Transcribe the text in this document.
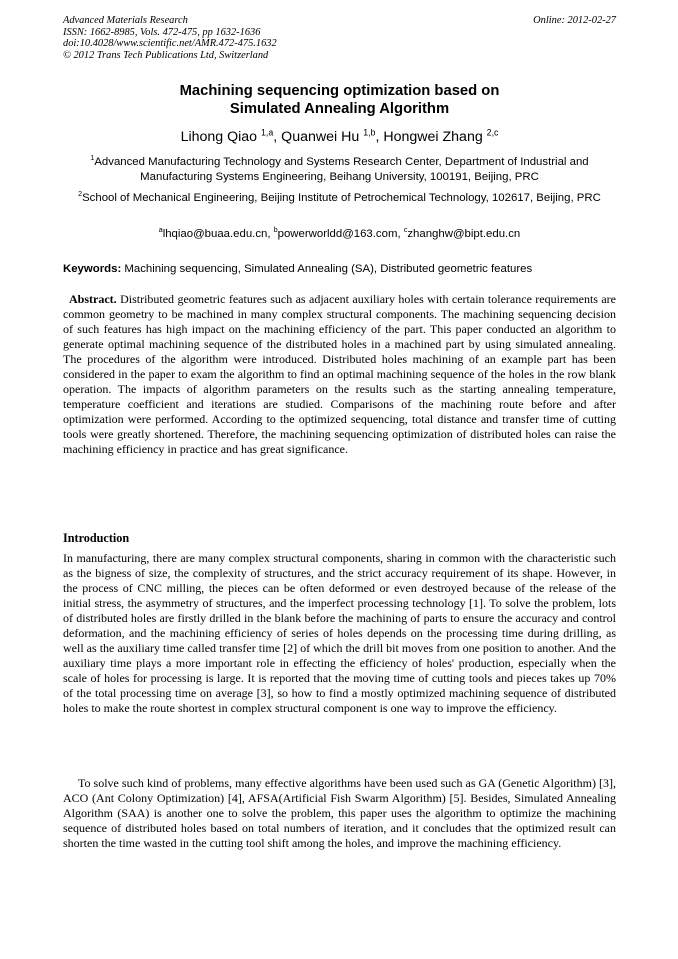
Advanced Materials Research
ISSN: 1662-8985, Vols. 472-475, pp 1632-1636
doi:10.4028/www.scientific.net/AMR.472-475.1632
© 2012 Trans Tech Publications Ltd, Switzerland
Online: 2012-02-27
Machining sequencing optimization based on
Simulated Annealing Algorithm
Lihong Qiao $^{1,a}$, Quanwei Hu $^{1,b}$, Hongwei Zhang $^{2,c}$
$^1$Advanced Manufacturing Technology and Systems Research Center, Department of Industrial and Manufacturing Systems Engineering, Beihang University, 100191, Beijing, PRC
$^2$School of Mechanical Engineering, Beijing Institute of Petrochemical Technology, 102617, Beijing, PRC
$^a$lhqiao@buaa.edu.cn, $^b$powerworldd@163.com, $^c$zhanghw@bipt.edu.cn
Keywords: Machining sequencing, Simulated Annealing (SA), Distributed geometric features
Abstract. Distributed geometric features such as adjacent auxiliary holes with certain tolerance requirements are common geometry to be machined in many complex structural components. The machining sequencing decision of such features has high impact on the machining efficiency of the part. This paper conducted an algorithm to generate optimal machining sequence of the distributed holes in a machined part by using simulated annealing. The procedures of the algorithm were introduced. Distributed holes machining of an example part has been considered in the paper to exam the algorithm to find an optimal machining sequence of the holes in the row blank operation. The impacts of algorithm parameters on the results such as the starting annealing temperature, temperature coefficient and iterations are studied. Comparisons of the machining route before and after optimization were performed. According to the optimized sequencing, total distance and transfer time of cutting tools were greatly shortened. Therefore, the machining sequencing optimization of distributed holes can raise the machining efficiency in practice and has great significance.
Introduction
In manufacturing, there are many complex structural components, sharing in common with the characteristic such as the bigness of size, the complexity of structures, and the strict accuracy requirement of its shape. However, in the process of CNC milling, the pieces can be often deformed or even destroyed because of the release of the initial stress, the asymmetry of structures, and the imperfect processing technology [1]. To solve the problem, lots of distributed holes are firstly drilled in the blank before the machining of parts to ensure the accuracy and control deformation, and the machining efficiency of series of holes depends on the processing time during drilling, as well as the auxiliary time called transfer time [2] of which the drill bit moves from one position to another. And the auxiliary time plays a more important role in effecting the efficiency of holes' production, especially when the scale of holes for processing is large. It is reported that the moving time of cutting tools and pieces takes up 70% of the total processing time on average [3], so how to find a mostly optimized machining sequence of distributed holes to make the route shortest in complex structural component is one way to improve the efficiency.
To solve such kind of problems, many effective algorithms have been used such as GA (Genetic Algorithm) [3], ACO (Ant Colony Optimization) [4], AFSA(Artificial Fish Swarm Algorithm) [5]. Besides, Simulated Annealing Algorithm (SAA) is another one to solve the problem, this paper uses the algorithm to optimize the machining sequence of distributed holes based on total numbers of iteration, and it concludes that the optimized result can shorten the time wasted in the cutting tool shift among the holes, and improve the machining efficiency.
